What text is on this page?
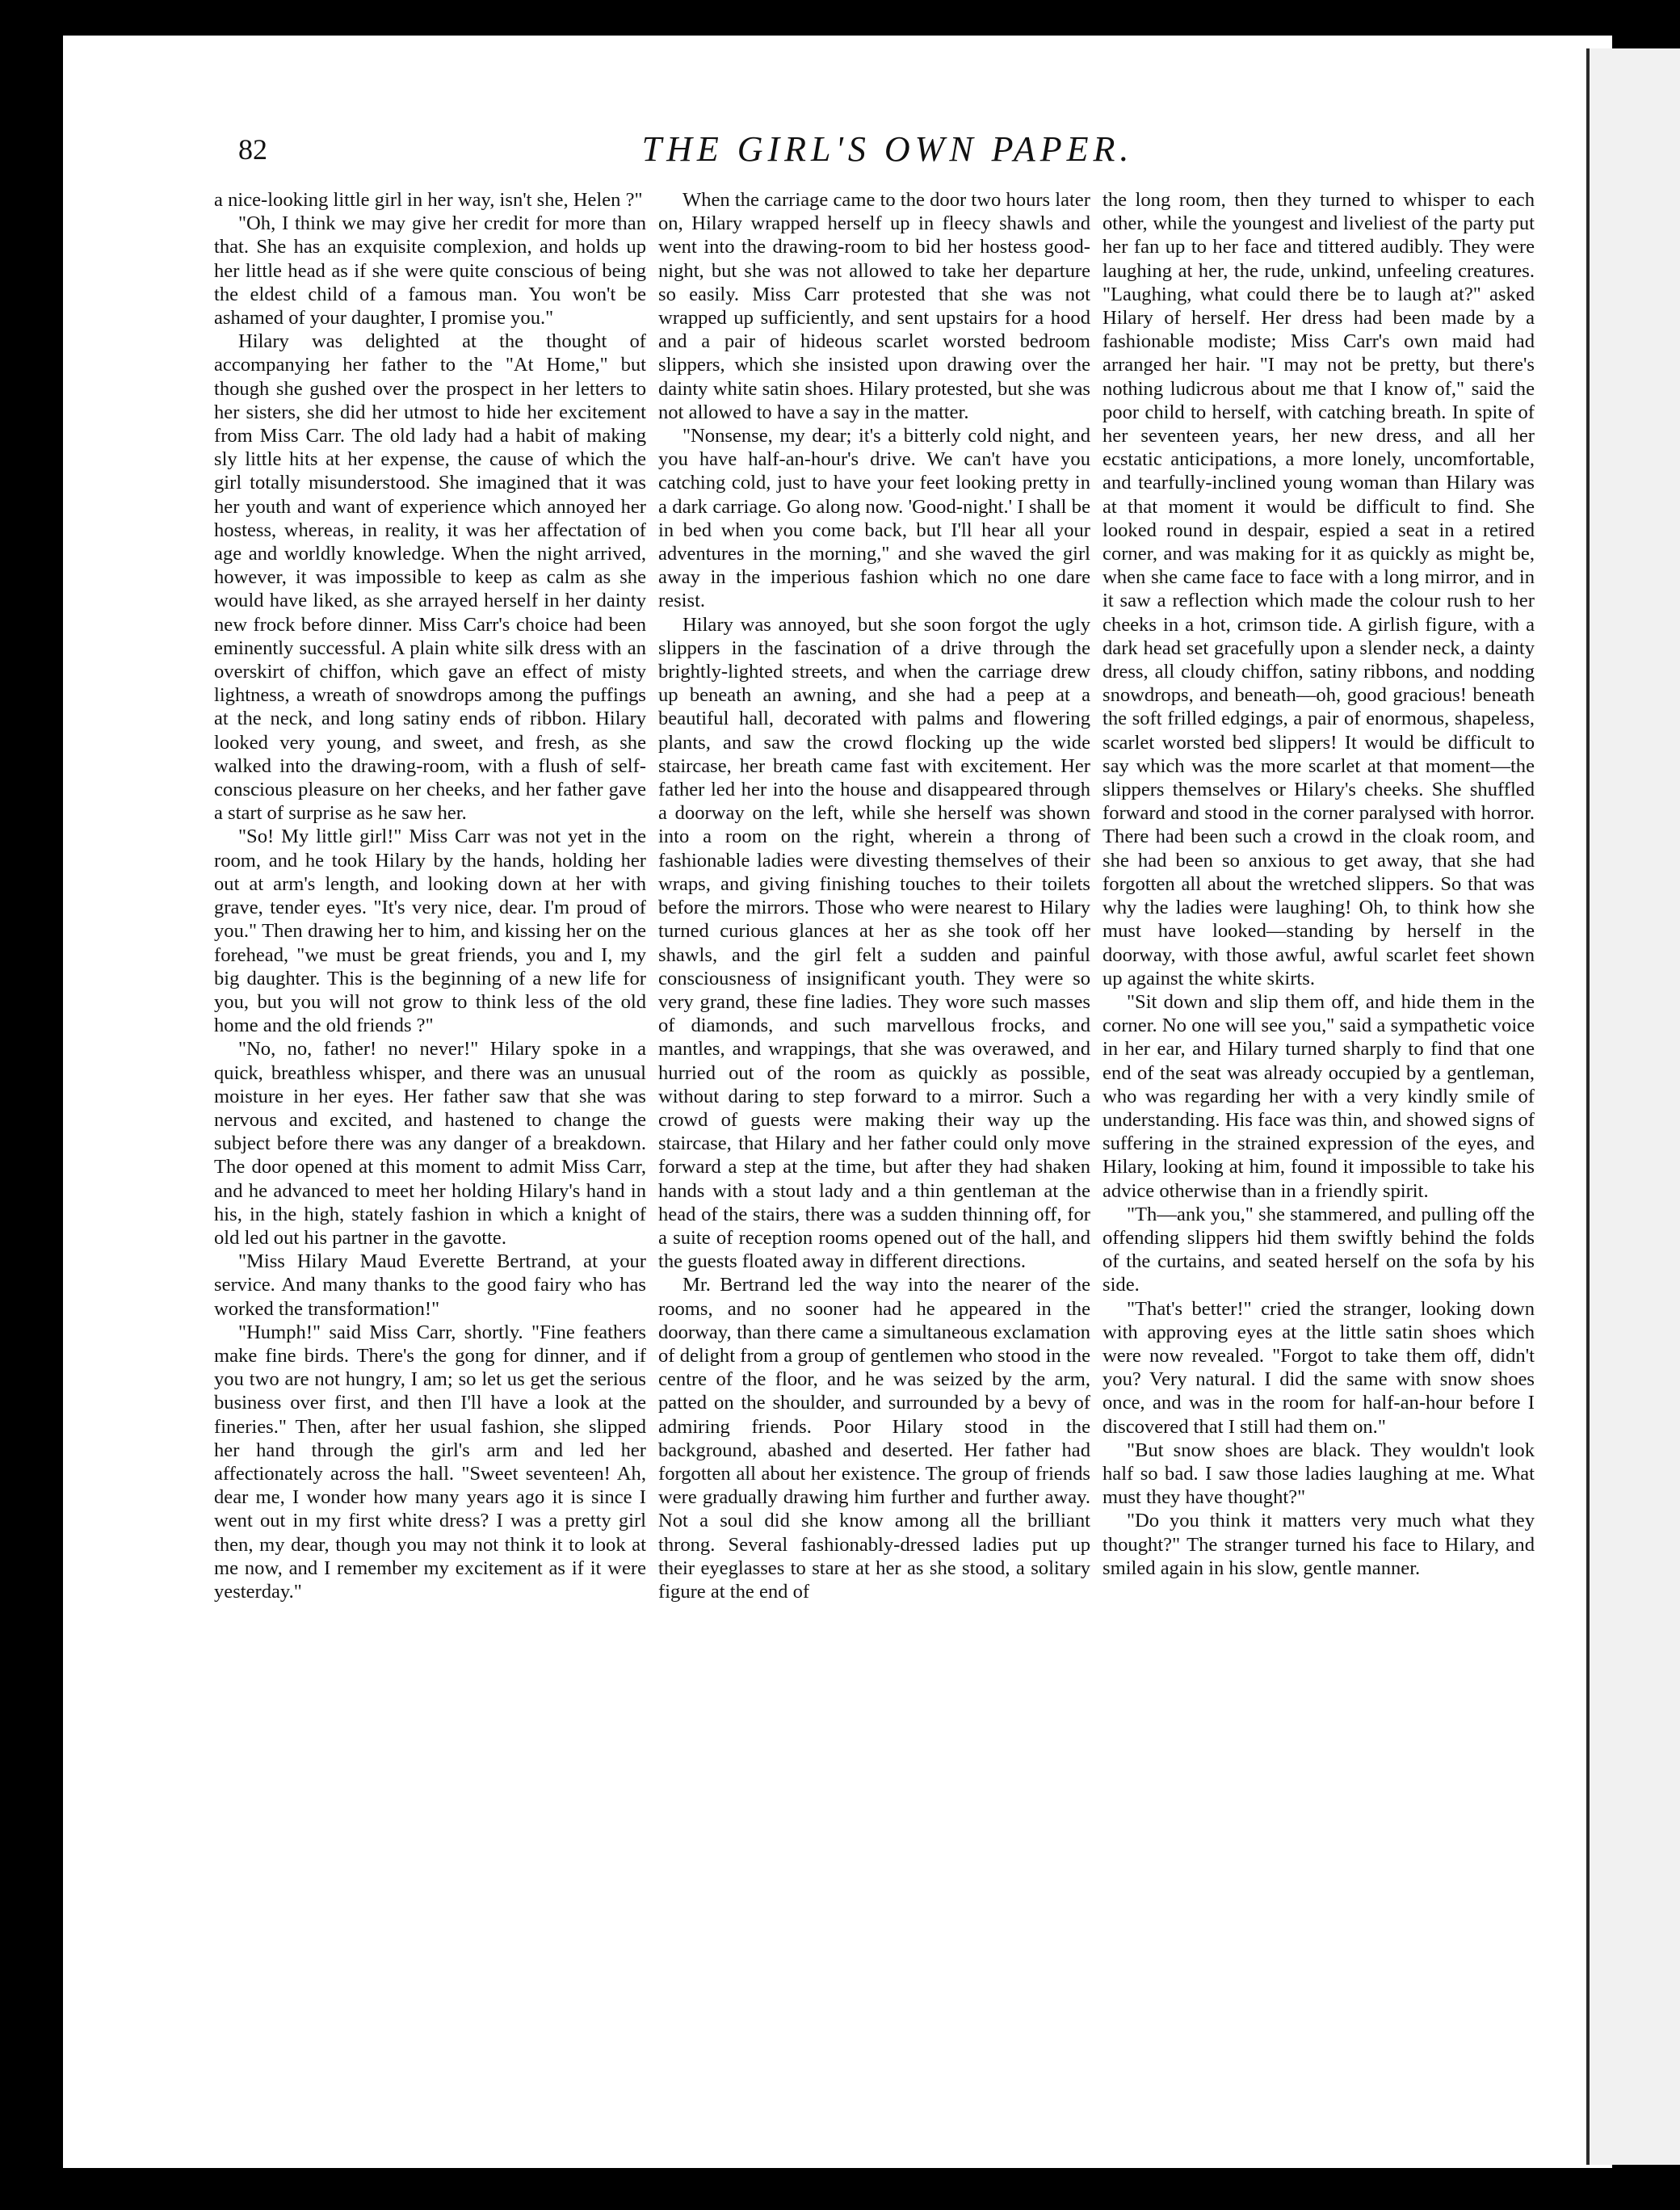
82	THE GIRL'S OWN PAPER.

a nice-looking little girl in her way, isn't she, Helen ?"

"Oh, I think we may give her credit for more than that. She has an exquisite complexion, and holds up her little head as if she were quite conscious of being the eldest child of a famous man. You won't be ashamed of your daughter, I promise you."

Hilary was delighted at the thought of accompanying her father to the "At Home," but though she gushed over the prospect in her letters to her sisters, she did her utmost to hide her excitement from Miss Carr. The old lady had a habit of making sly little hits at her expense, the cause of which the girl totally misunderstood. She imagined that it was her youth and want of experience which annoyed her hostess, whereas, in reality, it was her affectation of age and worldly knowledge. When the night arrived, however, it was impossible to keep as calm as she would have liked, as she arrayed herself in her dainty new frock before dinner. Miss Carr's choice had been eminently successful. A plain white silk dress with an overskirt of chiffon, which gave an effect of misty lightness, a wreath of snowdrops among the puffings at the neck, and long satiny ends of ribbon. Hilary looked very young, and sweet, and fresh, as she walked into the drawing-room, with a flush of self-conscious pleasure on her cheeks, and her father gave a start of surprise as he saw her.

"So! My little girl!" Miss Carr was not yet in the room, and he took Hilary by the hands, holding her out at arm's length, and looking down at her with grave, tender eyes. "It's very nice, dear. I'm proud of you." Then drawing her to him, and kissing her on the forehead, "we must be great friends, you and I, my big daughter. This is the beginning of a new life for you, but you will not grow to think less of the old home and the old friends ?"

"No, no, father! no never!" Hilary spoke in a quick, breathless whisper, and there was an unusual moisture in her eyes. Her father saw that she was nervous and excited, and hastened to change the subject before there was any danger of a breakdown. The door opened at this moment to admit Miss Carr, and he advanced to meet her holding Hilary's hand in his, in the high, stately fashion in which a knight of old led out his partner in the gavotte.

"Miss Hilary Maud Everette Bertrand, at your service. And many thanks to the good fairy who has worked the transformation!"

"Humph!" said Miss Carr, shortly. "Fine feathers make fine birds. There's the gong for dinner, and if you two are not hungry, I am; so let us get the serious business over first, and then I'll have a look at the fineries." Then, after her usual fashion, she slipped her hand through the girl's arm and led her affectionately across the hall. "Sweet seventeen! Ah, dear me, I wonder how many years ago it is since I went out in my first white dress? I was a pretty girl then, my dear, though you may not think it to look at me now, and I remember my excitement as if it were yesterday."

When the carriage came to the door two hours later on, Hilary wrapped herself up in fleecy shawls and went into the drawing-room to bid her hostess good-night, but she was not allowed to take her departure so easily. Miss Carr protested that she was not wrapped up sufficiently, and sent upstairs for a hood and a pair of hideous scarlet worsted bedroom slippers, which she insisted upon drawing over the dainty white satin shoes. Hilary protested, but she was not allowed to have a say in the matter.

"Nonsense, my dear; it's a bitterly cold night, and you have half-an-hour's drive. We can't have you catching cold, just to have your feet looking pretty in a dark carriage. Go along now. 'Good-night.' I shall be in bed when you come back, but I'll hear all your adventures in the morning," and she waved the girl away in the imperious fashion which no one dare resist.

Hilary was annoyed, but she soon forgot the ugly slippers in the fascination of a drive through the brightly-lighted streets, and when the carriage drew up beneath an awning, and she had a peep at a beautiful hall, decorated with palms and flowering plants, and saw the crowd flocking up the wide staircase, her breath came fast with excitement. Her father led her into the house and disappeared through a doorway on the left, while she herself was shown into a room on the right, wherein a throng of fashionable ladies were divesting themselves of their wraps, and giving finishing touches to their toilets before the mirrors. Those who were nearest to Hilary turned curious glances at her as she took off her shawls, and the girl felt a sudden and painful consciousness of insignificant youth. They were so very grand, these fine ladies. They wore such masses of diamonds, and such marvellous frocks, and mantles, and wrappings, that she was overawed, and hurried out of the room as quickly as possible, without daring to step forward to a mirror. Such a crowd of guests were making their way up the staircase, that Hilary and her father could only move forward a step at the time, but after they had shaken hands with a stout lady and a thin gentleman at the head of the stairs, there was a sudden thinning off, for a suite of reception rooms opened out of the hall, and the guests floated away in different directions.

Mr. Bertrand led the way into the nearer of the rooms, and no sooner had he appeared in the doorway, than there came a simultaneous exclamation of delight from a group of gentlemen who stood in the centre of the floor, and he was seized by the arm, patted on the shoulder, and surrounded by a bevy of admiring friends. Poor Hilary stood in the background, abashed and deserted. Her father had forgotten all about her existence. The group of friends were gradually drawing him further and further away. Not a soul did she know among all the brilliant throng. Several fashionably-dressed ladies put up their eyeglasses to stare at her as she stood, a solitary figure at the end of

the long room, then they turned to whisper to each other, while the youngest and liveliest of the party put her fan up to her face and tittered audibly. They were laughing at her, the rude, unkind, unfeeling creatures. "Laughing, what could there be to laugh at?" asked Hilary of herself. Her dress had been made by a fashionable modiste; Miss Carr's own maid had arranged her hair. "I may not be pretty, but there's nothing ludicrous about me that I know of," said the poor child to herself, with catching breath. In spite of her seventeen years, her new dress, and all her ecstatic anticipations, a more lonely, uncomfortable, and tearfully-inclined young woman than Hilary was at that moment it would be difficult to find. She looked round in despair, espied a seat in a retired corner, and was making for it as quickly as might be, when she came face to face with a long mirror, and in it saw a reflection which made the colour rush to her cheeks in a hot, crimson tide. A girlish figure, with a dark head set gracefully upon a slender neck, a dainty dress, all cloudy chiffon, satiny ribbons, and nodding snowdrops, and beneath—oh, good gracious! beneath the soft frilled edgings, a pair of enormous, shapeless, scarlet worsted bed slippers! It would be difficult to say which was the more scarlet at that moment—the slippers themselves or Hilary's cheeks. She shuffled forward and stood in the corner paralysed with horror. There had been such a crowd in the cloak room, and she had been so anxious to get away, that she had forgotten all about the wretched slippers. So that was why the ladies were laughing! Oh, to think how she must have looked—standing by herself in the doorway, with those awful, awful scarlet feet shown up against the white skirts.

"Sit down and slip them off, and hide them in the corner. No one will see you," said a sympathetic voice in her ear, and Hilary turned sharply to find that one end of the seat was already occupied by a gentleman, who was regarding her with a very kindly smile of understanding. His face was thin, and showed signs of suffering in the strained expression of the eyes, and Hilary, looking at him, found it impossible to take his advice otherwise than in a friendly spirit.

"Th—ank you," she stammered, and pulling off the offending slippers hid them swiftly behind the folds of the curtains, and seated herself on the sofa by his side.

"That's better!" cried the stranger, looking down with approving eyes at the little satin shoes which were now revealed. "Forgot to take them off, didn't you? Very natural. I did the same with snow shoes once, and was in the room for half-an-hour before I discovered that I still had them on."

"But snow shoes are black. They wouldn't look half so bad. I saw those ladies laughing at me. What must they have thought?"

"Do you think it matters very much what they thought?" The stranger turned his face to Hilary, and smiled again in his slow, gentle manner.
